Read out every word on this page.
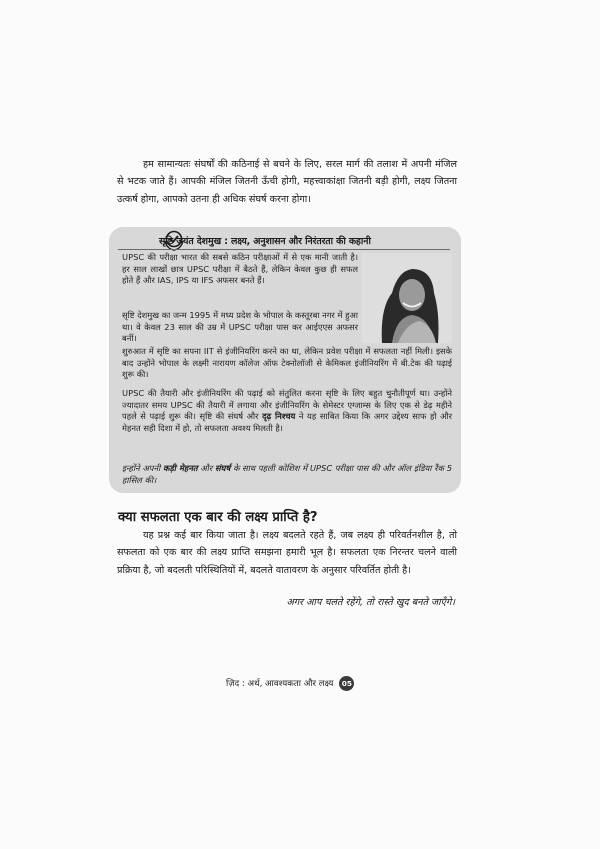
हम सामान्यतः संघर्षों की कठिनाई से बचने के लिए, सरल मार्ग की तलाश में अपनी मंजिल से भटक जाते हैं। आपकी मंजिल जितनी ऊँची होगी, महत्त्वाकांक्षा जितनी बड़ी होगी, लक्ष्य जितना उत्कर्ष होगा, आपको उतना ही अधिक संघर्ष करना होगा।

सृष्टि जयंत देशमुख : लक्ष्य, अनुशासन और निरंतरता की कहानी

UPSC की परीक्षा भारत की सबसे कठिन परीक्षाओं में से एक मानी जाती है। हर साल लाखों छात्र UPSC परीक्षा में बैठते हैं, लेकिन केवल कुछ ही सफल होते हैं और IAS, IPS या IFS अफसर बनते हैं।

सृष्टि देशमुख का जन्म 1995 में मध्य प्रदेश के भोपाल के कस्तूरबा नगर में हुआ था। वे केवल 23 साल की उम्र में UPSC परीक्षा पास कर आईएएस अफसर बनीं।

शुरुआत में सृष्टि का सपना IIT से इंजीनियरिंग करने का था, लेकिन प्रवेश परीक्षा में सफलता नहीं मिली। इसके बाद उन्होंने भोपाल के लक्ष्मी नारायण कॉलेज ऑफ टेक्नोलॉजी से केमिकल इंजीनियरिंग में बी.टेक की पढ़ाई शुरू की।

UPSC की तैयारी और इंजीनियरिंग की पढ़ाई को संतुलित करना सृष्टि के लिए बहुत चुनौतीपूर्ण था। उन्होंने ज्यादातर समय UPSC की तैयारी में लगाया और इंजीनियरिंग के सेमेस्टर एग्जाम्स के लिए एक से डेढ़ महीने पहले से पढ़ाई शुरू की। सृष्टि की संघर्ष और दृढ़ निश्चय ने यह साबित किया कि अगर उद्देश्य साफ हो और मेहनत सही दिशा में हो, तो सफलता अवश्य मिलती है।

इन्होंने अपनी कड़ी मेहनत और संघर्ष के साथ पहली कोशिश में UPSC परीक्षा पास की और ऑल इंडिया रैंक 5 हासिल की।

क्या सफलता एक बार की लक्ष्य प्राप्ति है?

यह प्रश्न कई बार किया जाता है। लक्ष्य बदलते रहते हैं, जब लक्ष्य ही परिवर्तनशील है, तो सफलता को एक बार की लक्ष्य प्राप्ति समझना हमारी भूल है। सफलता एक निरन्तर चलने वाली प्रक्रिया है, जो बदलती परिस्थितियों में, बदलते वातावरण के अनुसार परिवर्तित होती है।

अगर आप चलते रहेंगे, तो रास्ते खुद बनते जाएँगे।

ज़िद : अर्थ, आवश्यकता और लक्ष्य	05
